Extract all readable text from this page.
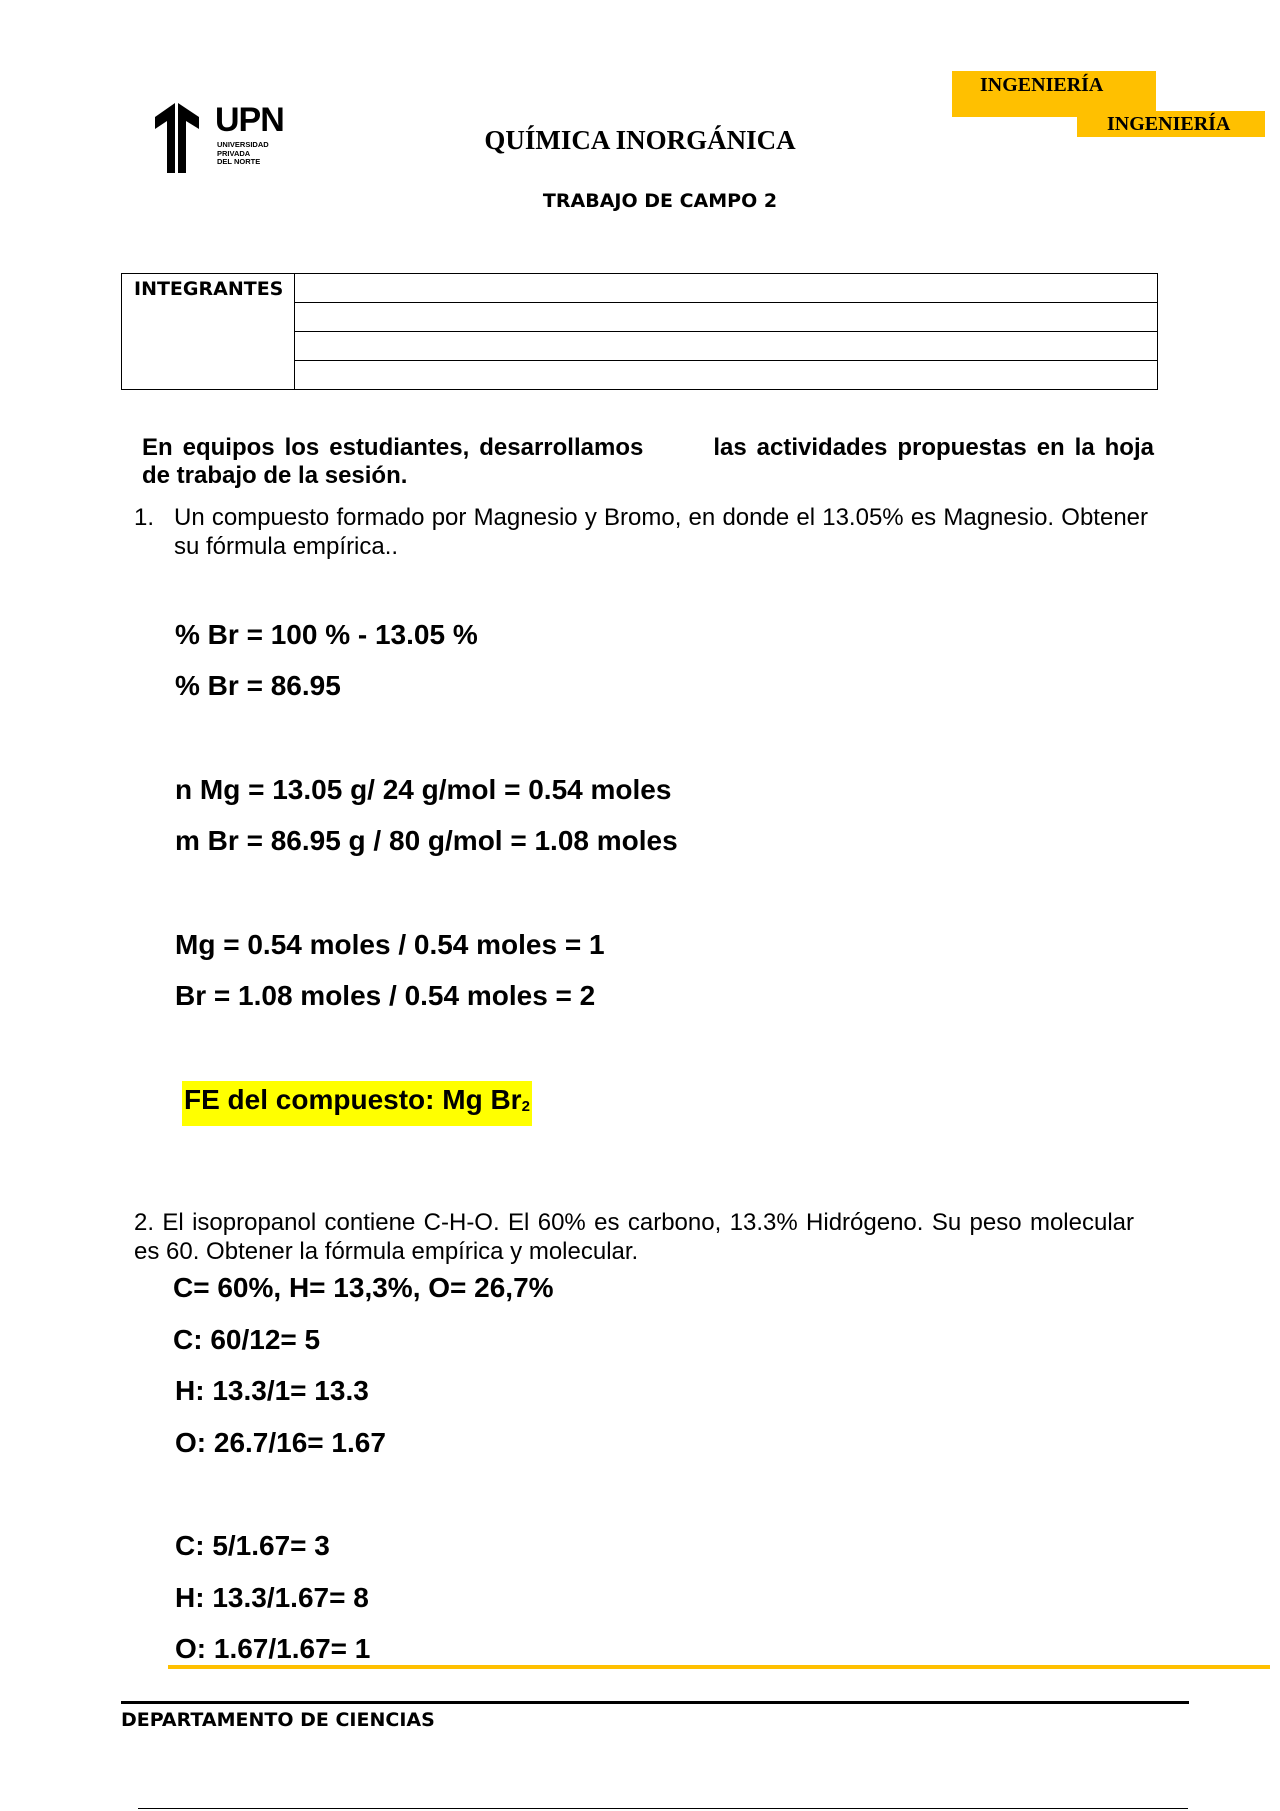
UPN
UNIVERSIDAD
PRIVADA
DEL NORTE
INGENIERÍA
INGENIERÍA
QUÍMICA INORGÁNICA
TRABAJO DE CAMPO 2
INTEGRANTES	

En equipos los estudiantes, desarrollamos	las actividades propuestas en la hoja de trabajo de la sesión.
1. Un compuesto formado por Magnesio y Bromo, en donde el 13.05% es Magnesio. Obtener su fórmula empírica..
% Br = 100 % - 13.05 %
% Br = 86.95
n Mg = 13.05 g/ 24 g/mol = 0.54 moles
m Br = 86.95 g / 80 g/mol = 1.08 moles
Mg = 0.54 moles / 0.54 moles = 1
Br = 1.08 moles / 0.54 moles = 2
FE del compuesto: Mg $Br_2$
2. El isopropanol contiene C-H-O. El 60% es carbono, 13.3% Hidrógeno. Su peso molecular es 60. Obtener la fórmula empírica y molecular.
C= 60%, H= 13,3%, O= 26,7%
C: 60/12= 5
H: 13.3/1= 13.3
O: 26.7/16= 1.67
C: 5/1.67= 3
H: 13.3/1.67= 8
O: 1.67/1.67= 1
DEPARTAMENTO DE CIENCIAS
